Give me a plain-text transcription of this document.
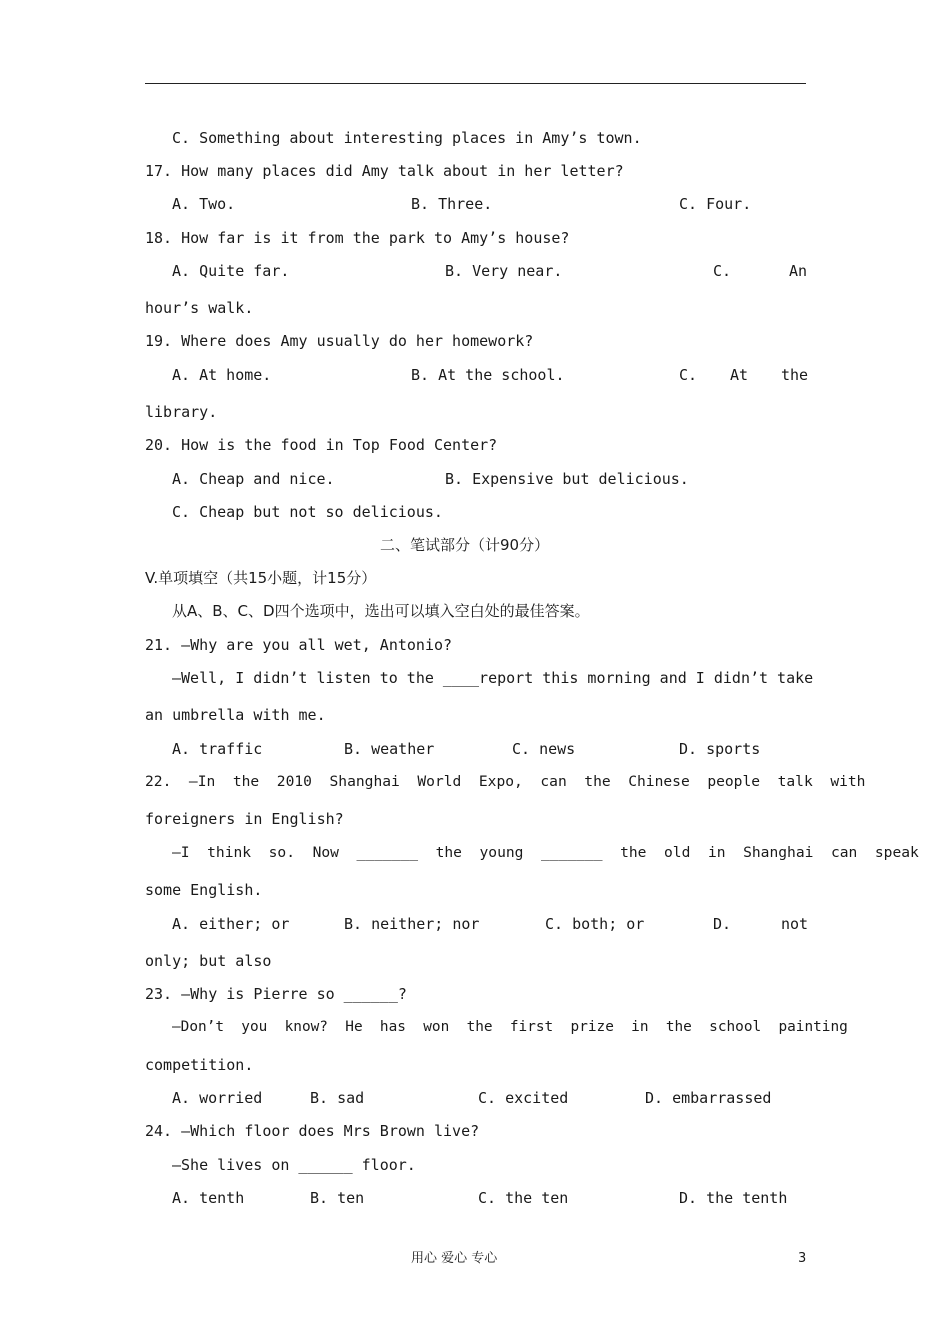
C. Something about interesting places in Amy’s town.
17. How many places did Amy talk about in her letter?
A. Two.	B. Three.	C. Four.
18. How far is it from the park to Amy’s house?
A. Quite far.	B. Very near.	C.	An
hour’s walk.
19. Where does Amy usually do her homework?
A. At home.	B. At the school.	C. At the
library.
20. How is the food in Top Food Center?
A. Cheap and nice.	B. Expensive but delicious.
C. Cheap but not so delicious.
二、笔试部分（计90分）
V.单项填空（共15小题，计15分）
从A、B、C、D四个选项中，选出可以填入空白处的最佳答案。
21. —Why are you all wet, Antonio?
—Well, I didn’t listen to the ____report this morning and I didn’t take
an umbrella with me.
A. traffic	B. weather	C. news	D. sports
22.  —In  the  2010  Shanghai  World  Expo,  can  the  Chinese  people  talk  with
foreigners in English?
—I  think  so.  Now  _______  the  young  _______  the  old  in  Shanghai  can  speak
some English.
A. either; or	B. neither; nor	C. both; or	D.	not
only; but also
23. —Why is Pierre so ______?
—Don’t  you  know?  He  has  won  the  first  prize  in  the  school  painting
competition.
A. worried	B. sad	C. excited	D. embarrassed
24. —Which floor does Mrs Brown live?
—She lives on ______ floor.
A. tenth	B. ten	C. the ten	D. the tenth
用心 爱心 专心	3
